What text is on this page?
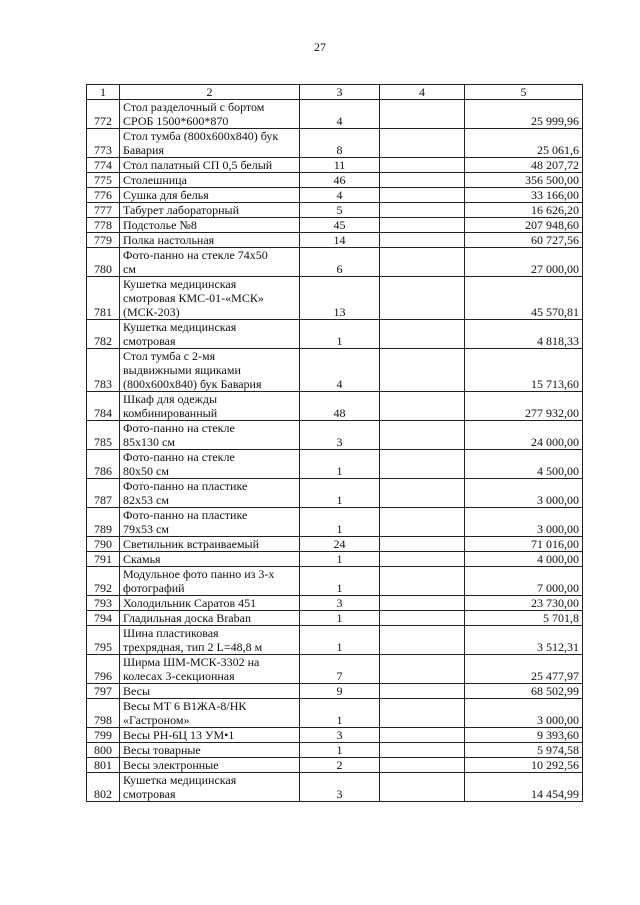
27
1	2	3	4	5
772	Стол разделочный с бортом
СРОБ 1500*600*870	4		25 999,96
773	Стол тумба (800x600x840) бук
Бавария	8		25 061,6
774	Стол палатный СП 0,5 белый	11		48 207,72
775	Столешница	46		356 500,00
776	Сушка для белья	4		33 166,00
777	Табурет лабораторный	5		16 626,20
778	Подстолье №8	45		207 948,60
779	Полка настольная	14		60 727,56
780	Фото-панно на стекле 74x50
см	6		27 000,00
781	Кушетка медицинская
смотровая КМС-01-«МСК»
(МСК-203)	13		45 570,81
782	Кушетка медицинская
смотровая	1		4 818,33
783	Стол тумба с 2-мя
выдвижными ящиками
(800x600x840) бук Бавария	4		15 713,60
784	Шкаф для одежды
комбинированный	48		277 932,00
785	Фото-панно на стекле
85x130 см	3		24 000,00
786	Фото-панно на стекле
80x50 см	1		4 500,00
787	Фото-панно на пластике
82x53 см	1		3 000,00
789	Фото-панно на пластике
79x53 см	1		3 000,00
790	Светильник встраиваемый	24		71 016,00
791	Скамья	1		4 000,00
792	Модульное фото панно из 3-х
фотографий	1		7 000,00
793	Холодильник Саратов 451	3		23 730,00
794	Гладильная доска Braban	1		5 701,8
795	Шина пластиковая
трехрядная, тип 2 L=48,8 м	1		3 512,31
796	Ширма ШМ-МСК-3302 на
колесах 3-секционная	7		25 477,97
797	Весы	9		68 502,99
798	Весы МТ 6 В1ЖА-8/НК
«Гастроном»	1		3 000,00
799	Весы РН-6Ц 13 УМ•1	3		9 393,60
800	Весы товарные	1		5 974,58
801	Весы электронные	2		10 292,56
802	Кушетка медицинская
смотровая	3		14 454,99
